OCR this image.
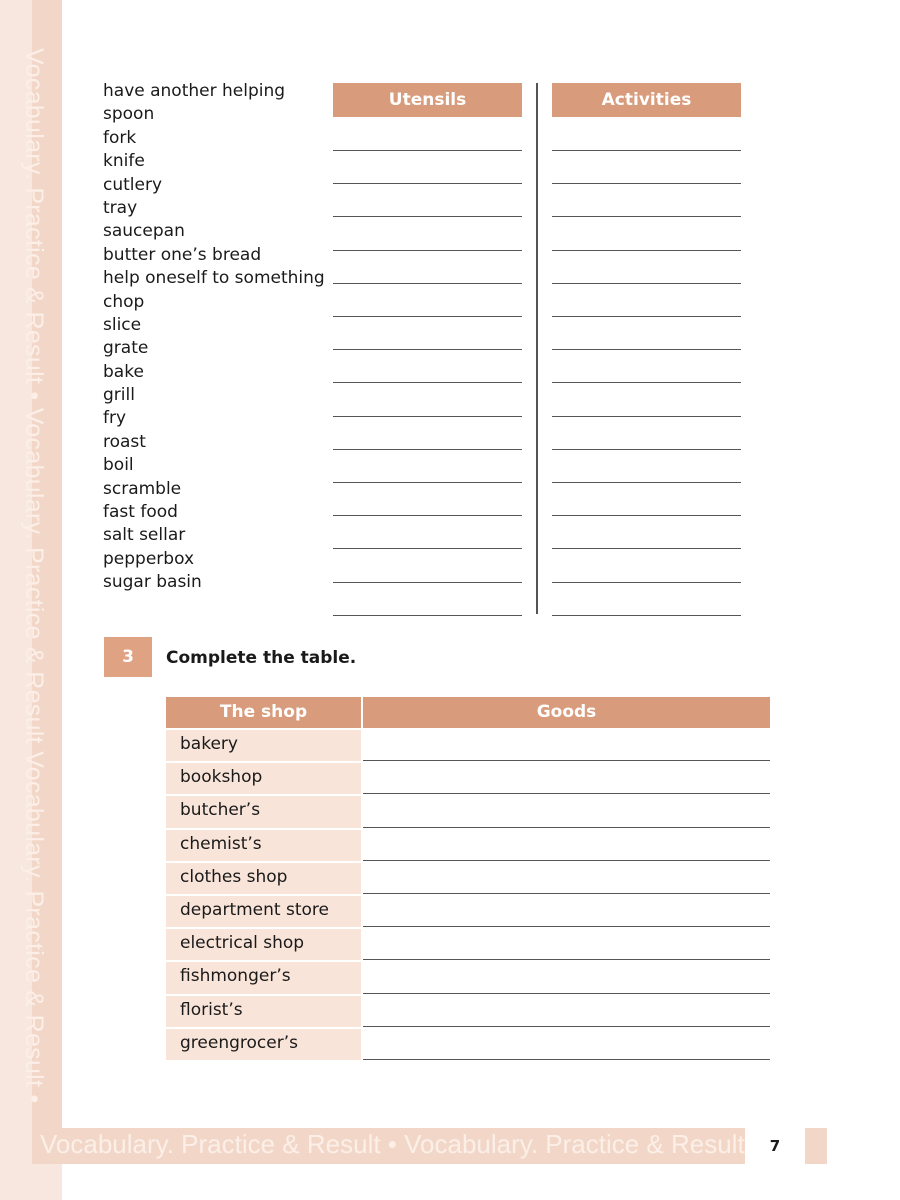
Vocabulary. Practice & Result • Vocabulary. Practice & Result Vocabulary. Practice & Result •
Vocabulary. Practice & Result • Vocabulary. Practice & Result	7
have another helping
spoon
fork
knife
cutlery
tray
saucepan
butter one’s bread
help oneself to something
chop
slice
grate
bake
grill
fry
roast
boil
scramble
fast food
salt sellar
pepperbox
sugar basin
Utensils	Activities
3	Complete the table.
The shop	Goods
bakery
bookshop
butcher’s
chemist’s
clothes shop
department store
electrical shop
fishmonger’s
florist’s
greengrocer’s
